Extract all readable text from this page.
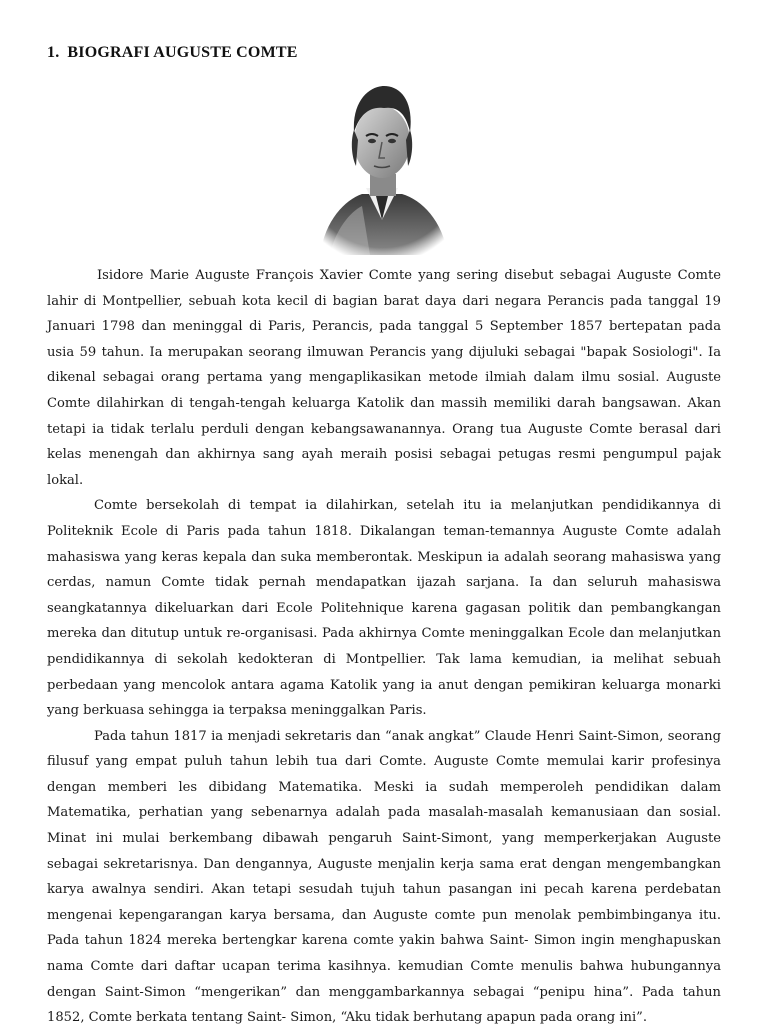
1. BIOGRAFI AUGUSTE COMTE

Isidore Marie Auguste François Xavier Comte yang sering disebut sebagai Auguste Comte lahir di Montpellier, sebuah kota kecil di bagian barat daya dari negara Perancis pada tanggal 19 Januari 1798 dan meninggal di Paris, Perancis, pada tanggal 5 September 1857 bertepatan pada usia 59 tahun. Ia merupakan seorang ilmuwan Perancis yang dijuluki sebagai "bapak Sosiologi". Ia dikenal sebagai orang pertama yang mengaplikasikan metode ilmiah dalam ilmu sosial. Auguste Comte dilahirkan di tengah-tengah keluarga Katolik dan massih memiliki darah bangsawan. Akan tetapi ia tidak terlalu perduli dengan kebangsawanannya. Orang tua Auguste Comte berasal dari kelas menengah dan akhirnya sang ayah meraih posisi sebagai petugas resmi pengumpul pajak lokal.

Comte bersekolah di tempat ia dilahirkan, setelah itu ia melanjutkan pendidikannya di Politeknik Ecole di Paris pada tahun 1818. Dikalangan teman-temannya Auguste Comte adalah mahasiswa yang keras kepala dan suka memberontak. Meskipun ia adalah seorang mahasiswa yang cerdas, namun Comte tidak pernah mendapatkan ijazah sarjana. Ia dan seluruh mahasiswa seangkatannya dikeluarkan dari Ecole Politehnique karena gagasan politik dan pembangkangan mereka dan ditutup untuk re-organisasi. Pada akhirnya Comte meninggalkan Ecole dan melanjutkan pendidikannya di sekolah kedokteran di Montpellier. Tak lama kemudian, ia melihat sebuah perbedaan yang mencolok antara agama Katolik yang ia anut dengan pemikiran keluarga monarki yang berkuasa sehingga ia terpaksa meninggalkan Paris.

Pada tahun 1817 ia menjadi sekretaris dan “anak angkat” Claude Henri Saint-Simon, seorang filusuf yang empat puluh tahun lebih tua dari Comte. Auguste Comte memulai karir profesinya dengan memberi les dibidang Matematika. Meski ia sudah memperoleh pendidikan dalam Matematika, perhatian yang sebenarnya adalah pada masalah-masalah kemanusiaan dan sosial. Minat ini mulai berkembang dibawah pengaruh Saint-Simont, yang memperkerjakan Auguste sebagai sekretarisnya. Dan dengannya, Auguste menjalin kerja sama erat dengan mengembangkan karya awalnya sendiri. Akan tetapi sesudah tujuh tahun pasangan ini pecah karena perdebatan mengenai kepengarangan karya bersama, dan Auguste comte pun menolak pembimbinganya itu. Pada tahun 1824 mereka bertengkar karena comte yakin bahwa Saint- Simon ingin menghapuskan nama Comte dari daftar ucapan terima kasihnya. kemudian Comte menulis bahwa hubungannya dengan Saint-Simon “mengerikan” dan menggambarkannya sebagai “penipu hina”. Pada tahun 1852, Comte berkata tentang Saint- Simon, “Aku tidak berhutang apapun pada orang ini”.
